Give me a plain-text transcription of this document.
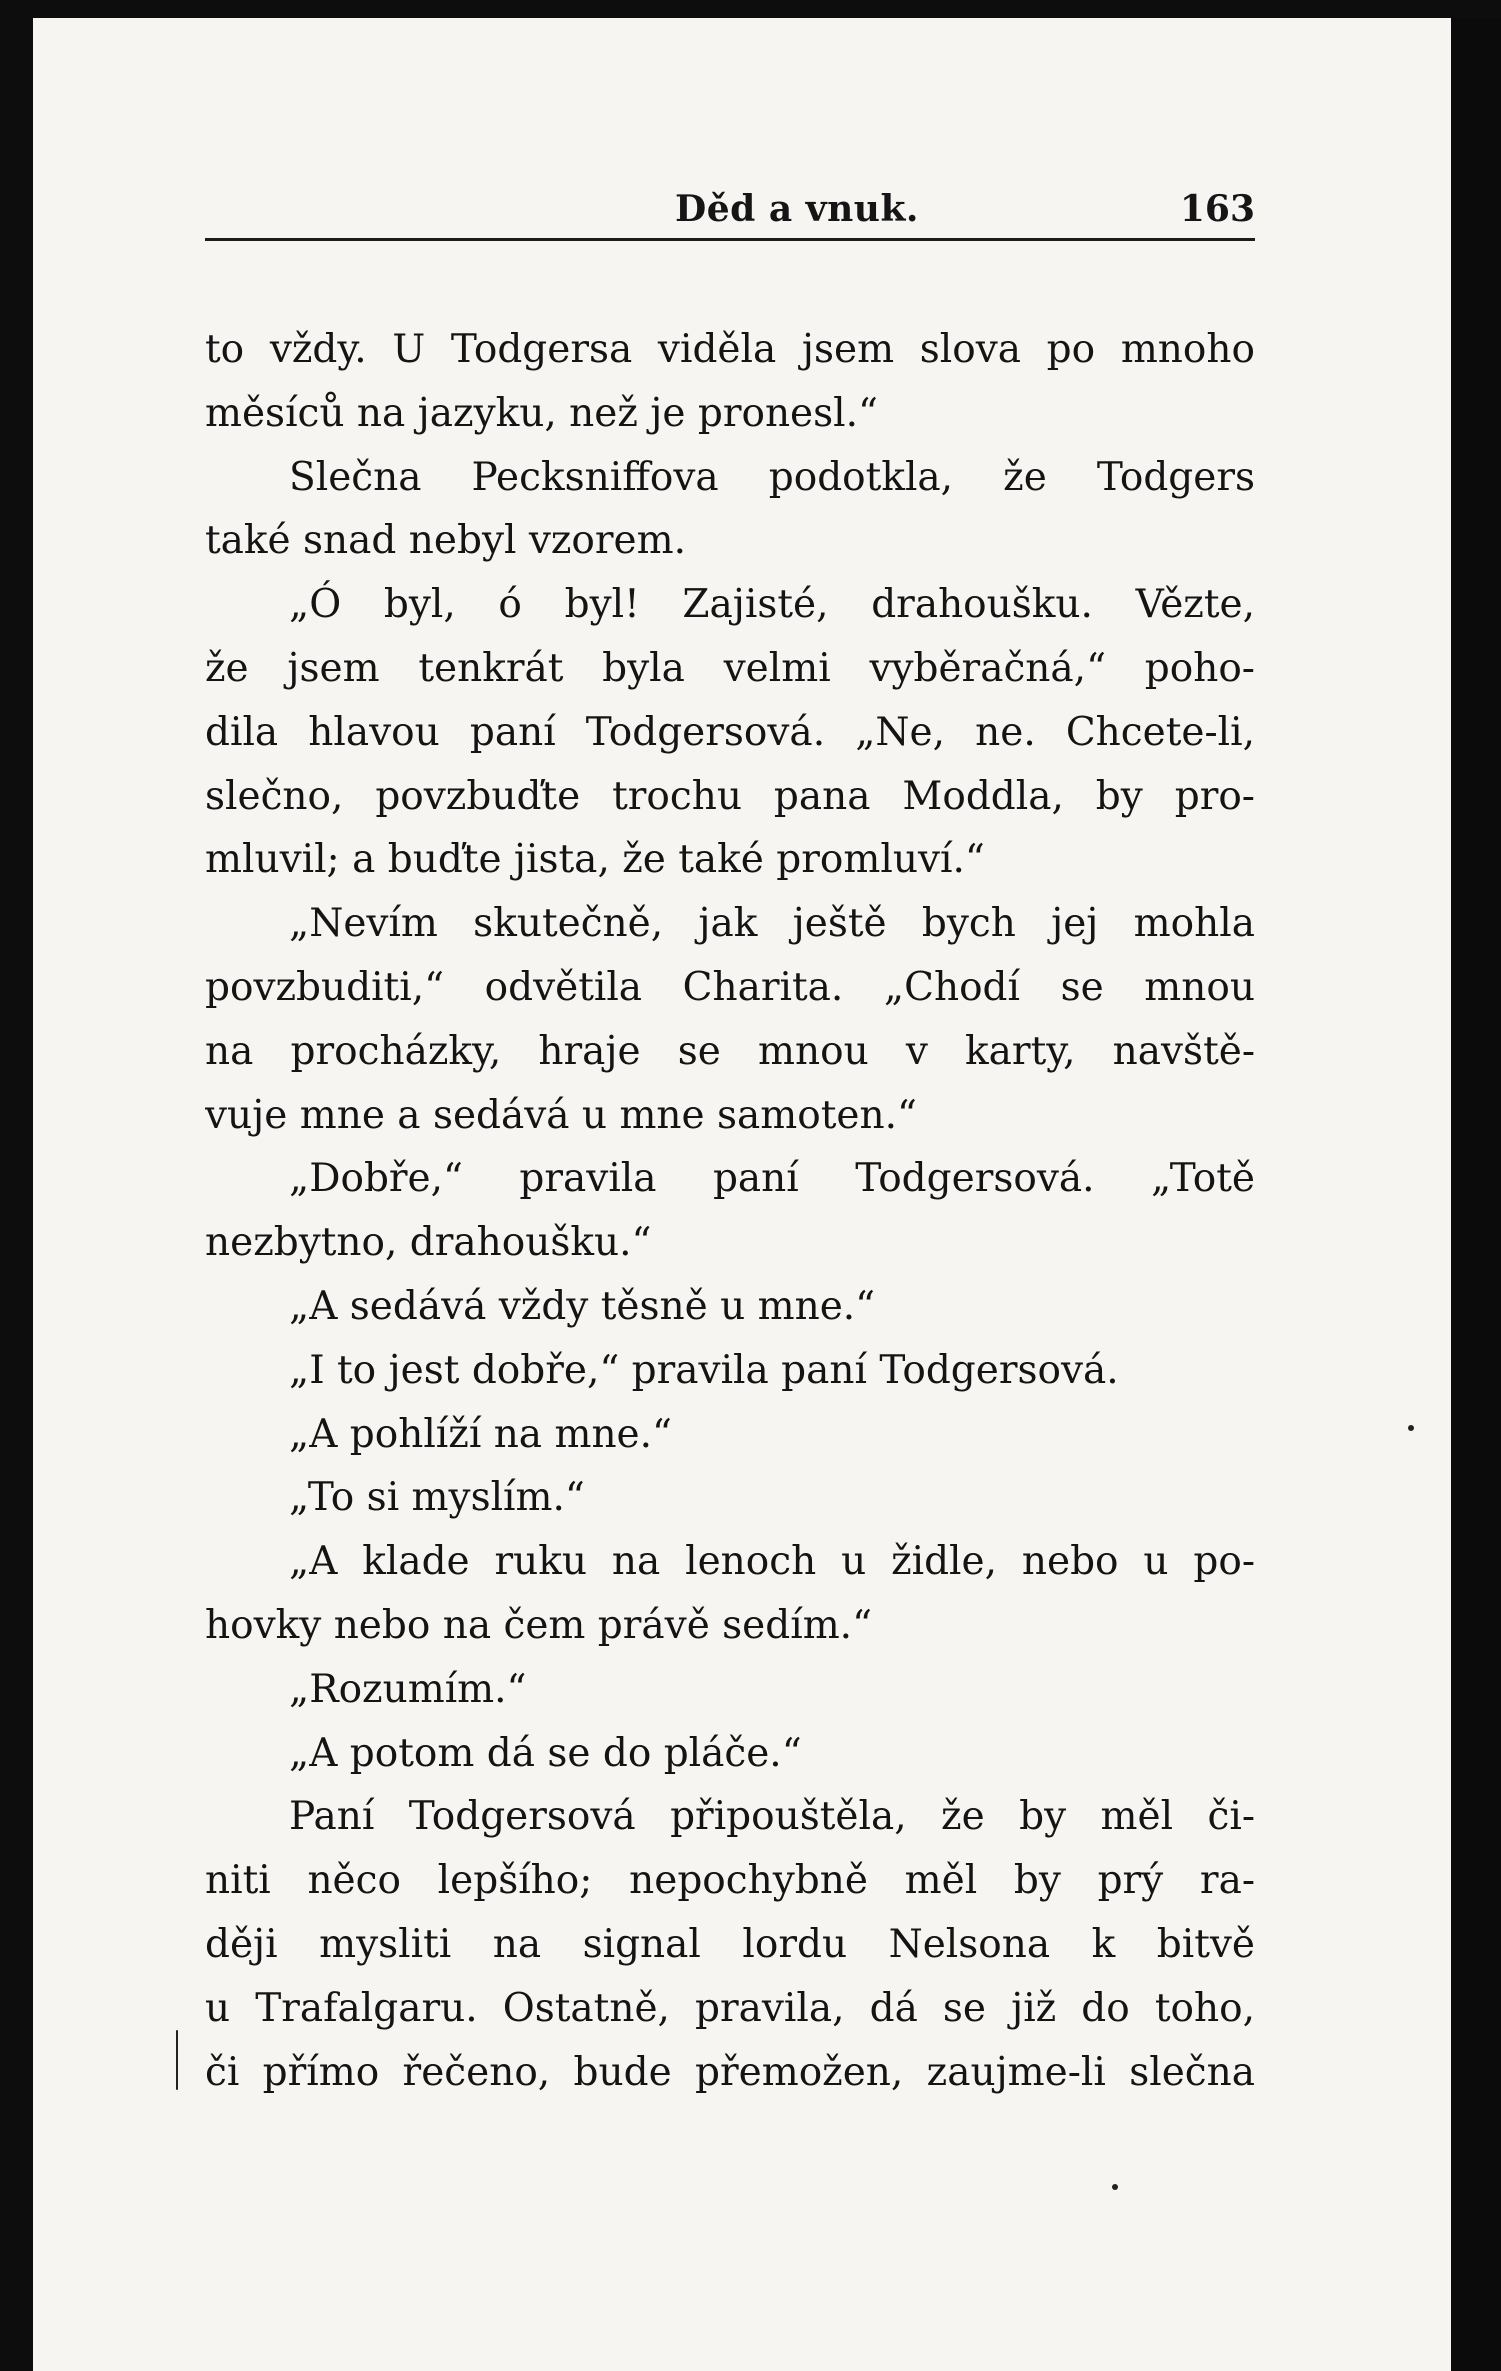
Děd a vnuk.	163
to vždy. U Todgersa viděla jsem slova po mnoho
měsíců na jazyku, než je pronesl.“
Slečna Pecksniffova podotkla, že Todgers
také snad nebyl vzorem.
„Ó byl, ó byl! Zajisté, drahoušku. Vězte,
že jsem tenkrát byla velmi vyběračná,“ poho-
dila hlavou paní Todgersová. „Ne, ne. Chcete-li,
slečno, povzbuďte trochu pana Moddla, by pro-
mluvil; a buďte jista, že také promluví.“
„Nevím skutečně, jak ještě bych jej mohla
povzbuditi,“ odvětila Charita. „Chodí se mnou
na procházky, hraje se mnou v karty, navště-
vuje mne a sedává u mne samoten.“
„Dobře,“ pravila paní Todgersová. „Totě
nezbytno, drahoušku.“
„A sedává vždy těsně u mne.“
„I to jest dobře,“ pravila paní Todgersová.
„A pohlíží na mne.“
„To si myslím.“
„A klade ruku na lenoch u židle, nebo u po-
hovky nebo na čem právě sedím.“
„Rozumím.“
„A potom dá se do pláče.“
Paní Todgersová připouštěla, že by měl či-
niti něco lepšího; nepochybně měl by prý ra-
ději mysliti na signal lordu Nelsona k bitvě
u Trafalgaru. Ostatně, pravila, dá se již do toho,
či přímo řečeno, bude přemožen, zaujme-li slečna
